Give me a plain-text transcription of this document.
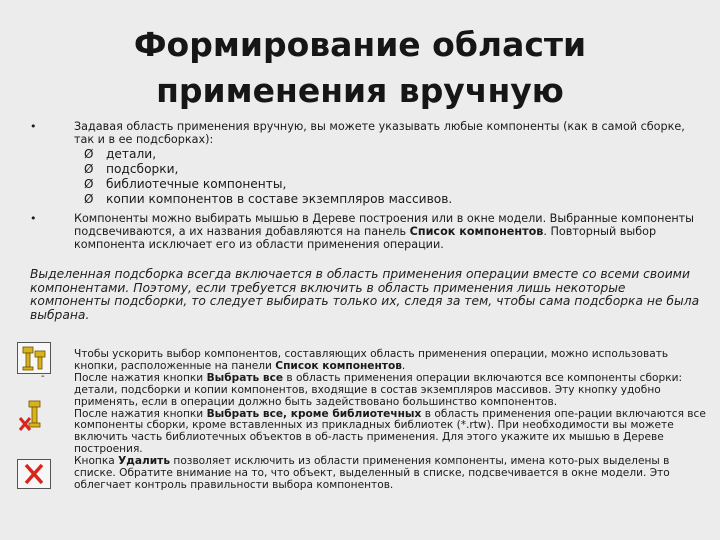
Формирование области
применения вручную
•	Задавая область применения вручную, вы можете указывать любые компоненты (как в самой сборке, так и в ее подсборках):
Ø детали,
Ø подсборки,
Ø библиотечные компоненты,
Ø копии компонентов в составе экземпляров массивов.
•	Компоненты можно выбирать мышью в Дереве построения или в окне модели. Выбранные компоненты подсвечиваются, а их названия добавляются на панель Список компонентов. Повторный выбор компонента исключает его из области применения операции.
Выделенная подсборка всегда включается в область применения операции вместе со всеми своими компонентами. Поэтому, если требуется включить в область применения лишь некоторые компоненты подсборки, то следует выбирать только их, следя за тем, чтобы сама подсборка не была выбрана.
-

Чтобы ускорить выбор компонентов, составляющих область применения операции, можно использовать кнопки, расположенные на панели Список компонентов.

После нажатия кнопки Выбрать все в область применения операции включаются все компоненты сборки: детали, подсборки и копии компонентов, входящие в состав экземпляров массивов. Эту кнопку удобно применять, если в операции должно быть задействовано большинство компонентов.

После нажатия кнопки Выбрать все, кроме библиотечных в область применения опе-рации включаются все компоненты сборки, кроме вставленных из прикладных библиотек (*.rtw). При необходимости вы можете включить часть библиотечных объектов в об-ласть применения. Для этого укажите их мышью в Дереве построения.

Кнопка Удалить позволяет исключить из области применения компоненты, имена кото-рых выделены в списке. Обратите внимание на то, что объект, выделенный в списке, подсвечивается в окне модели. Это облегчает контроль правильности выбора компонентов.
